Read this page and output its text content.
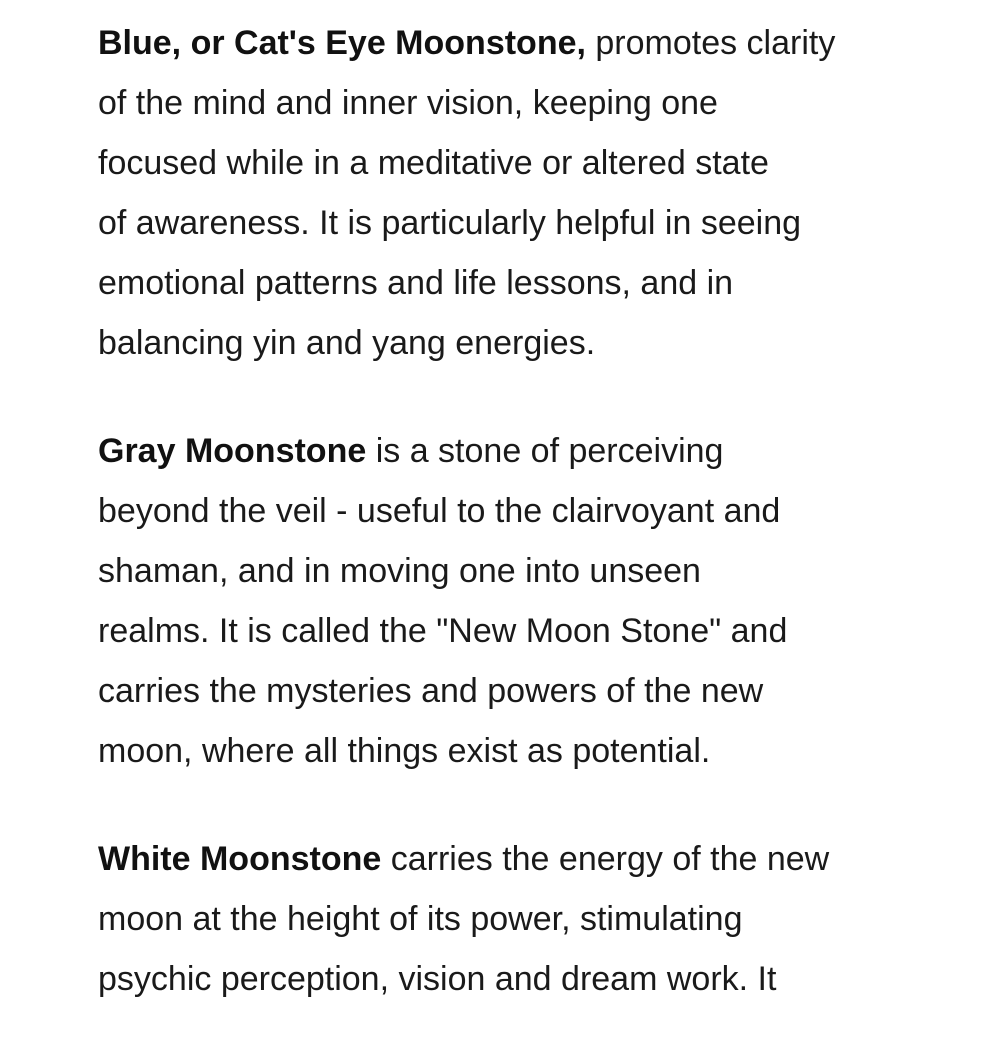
Blue, or Cat's Eye Moonstone, promotes clarity
of the mind and inner vision, keeping one
focused while in a meditative or altered state
of awareness. It is particularly helpful in seeing
emotional patterns and life lessons, and in
balancing yin and yang energies.

Gray Moonstone is a stone of perceiving
beyond the veil - useful to the clairvoyant and
shaman, and in moving one into unseen
realms. It is called the "New Moon Stone" and
carries the mysteries and powers of the new
moon, where all things exist as potential.

White Moonstone carries the energy of the new
moon at the height of its power, stimulating
psychic perception, vision and dream work. It
